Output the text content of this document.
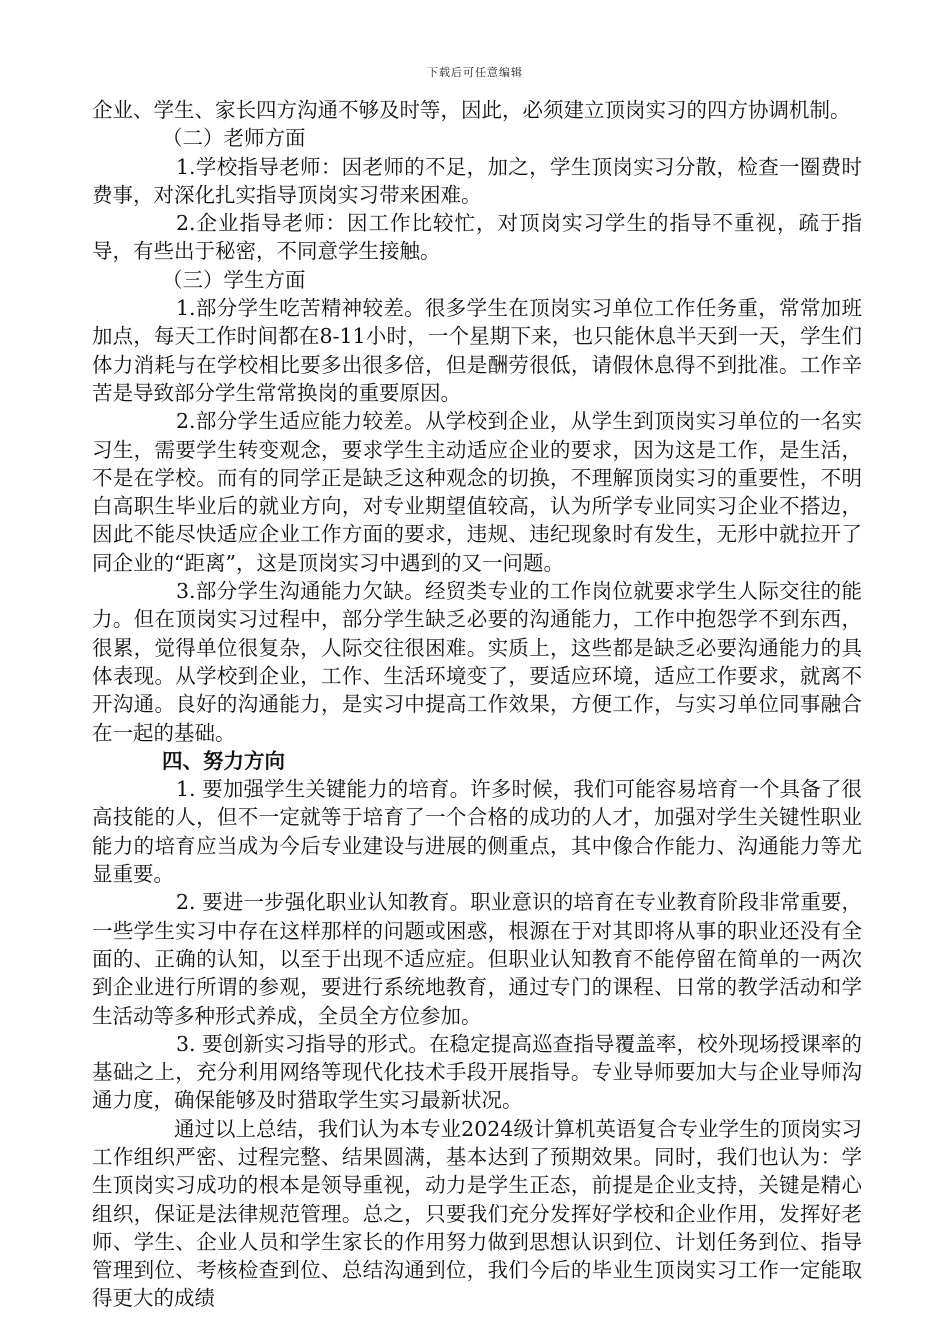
下载后可任意编辑

企业、学生、家长四方沟通不够及时等，因此，必须建立顶岗实习的四方协调机制。

（二）老师方面

1.学校指导老师：因老师的不足，加之，学生顶岗实习分散，检查一圈费时费事，对深化扎实指导顶岗实习带来困难。

2.企业指导老师：因工作比较忙，对顶岗实习学生的指导不重视，疏于指导，有些出于秘密，不同意学生接触。

（三）学生方面

1.部分学生吃苦精神较差。很多学生在顶岗实习单位工作任务重，常常加班加点，每天工作时间都在8-11小时，一个星期下来，也只能休息半天到一天，学生们体力消耗与在学校相比要多出很多倍，但是酬劳很低，请假休息得不到批准。工作辛苦是导致部分学生常常换岗的重要原因。

2.部分学生适应能力较差。从学校到企业，从学生到顶岗实习单位的一名实习生，需要学生转变观念，要求学生主动适应企业的要求，因为这是工作，是生活，不是在学校。而有的同学正是缺乏这种观念的切换，不理解顶岗实习的重要性，不明白高职生毕业后的就业方向，对专业期望值较高，认为所学专业同实习企业不搭边，因此不能尽快适应企业工作方面的要求，违规、违纪现象时有发生，无形中就拉开了同企业的“距离”，这是顶岗实习中遇到的又一问题。

3.部分学生沟通能力欠缺。经贸类专业的工作岗位就要求学生人际交往的能力。但在顶岗实习过程中，部分学生缺乏必要的沟通能力，工作中抱怨学不到东西，很累，觉得单位很复杂，人际交往很困难。实质上，这些都是缺乏必要沟通能力的具体表现。从学校到企业，工作、生活环境变了，要适应环境，适应工作要求，就离不开沟通。良好的沟通能力，是实习中提高工作效果，方便工作，与实习单位同事融合在一起的基础。

四、努力方向

1. 要加强学生关键能力的培育。许多时候，我们可能容易培育一个具备了很高技能的人，但不一定就等于培育了一个合格的成功的人才，加强对学生关键性职业能力的培育应当成为今后专业建设与进展的侧重点，其中像合作能力、沟通能力等尤显重要。

2. 要进一步强化职业认知教育。职业意识的培育在专业教育阶段非常重要，一些学生实习中存在这样那样的问题或困惑，根源在于对其即将从事的职业还没有全面的、正确的认知，以至于出现不适应症。但职业认知教育不能停留在简单的一两次到企业进行所谓的参观，要进行系统地教育，通过专门的课程、日常的教学活动和学生活动等多种形式养成，全员全方位参加。

3. 要创新实习指导的形式。在稳定提高巡查指导覆盖率，校外现场授课率的基础之上，充分利用网络等现代化技术手段开展指导。专业导师要加大与企业导师沟通力度，确保能够及时猎取学生实习最新状况。

通过以上总结，我们认为本专业2024级计算机英语复合专业学生的顶岗实习工作组织严密、过程完整、结果圆满，基本达到了预期效果。同时，我们也认为：学生顶岗实习成功的根本是领导重视，动力是学生正态，前提是企业支持，关键是精心组织，保证是法律规范管理。总之，只要我们充分发挥好学校和企业作用，发挥好老师、学生、企业人员和学生家长的作用努力做到思想认识到位、计划任务到位、指导管理到位、考核检查到位、总结沟通到位，我们今后的毕业生顶岗实习工作一定能取得更大的成绩
